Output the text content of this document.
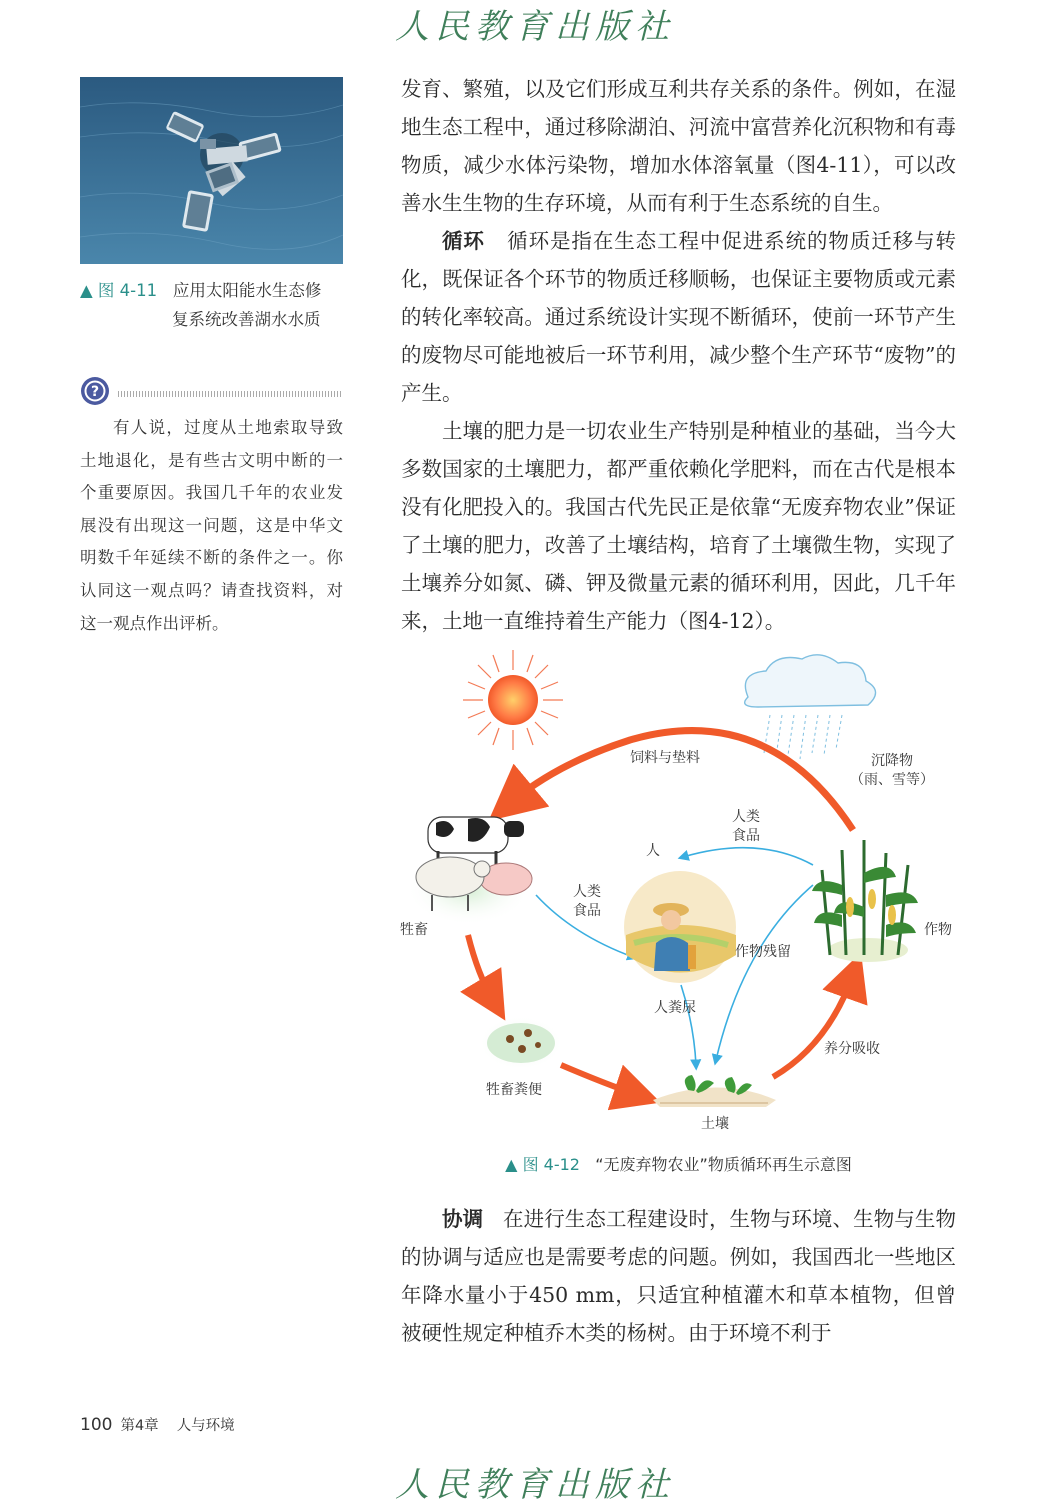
人民教育出版社
▲ 图 4-11 应用太阳能水生态修
复系统改善湖水水质
?
有人说，过度从土地索取导致土地退化，是有些古文明中断的一个重要原因。我国几千年的农业发展没有出现这一问题，这是中华文明数千年延续不断的条件之一。你认同这一观点吗？请查找资料，对这一观点作出评析。

发育、繁殖，以及它们形成互利共存关系的条件。例如，在湿地生态工程中，通过移除湖泊、河流中富营养化沉积物和有毒物质，减少水体污染物，增加水体溶氧量（图4-11），可以改善水生生物的生存环境，从而有利于生态系统的自生。

循环 循环是指在生态工程中促进系统的物质迁移与转化，既保证各个环节的物质迁移顺畅，也保证主要物质或元素的转化率较高。通过系统设计实现不断循环，使前一环节产生的废物尽可能地被后一环节利用，减少整个生产环节“废物”的产生。

土壤的肥力是一切农业生产特别是种植业的基础，当今大多数国家的土壤肥力，都严重依赖化学肥料，而在古代是根本没有化肥投入的。我国古代先民正是依靠“无废弃物农业”保证了土壤的肥力，改善了土壤结构，培育了土壤微生物，实现了土壤养分如氮、磷、钾及微量元素的循环利用，因此，几千年来，土地一直维持着生产能力（图4-12）。

饲料与垫料	沉降物
（雨、雪等）
人类
食品
人
人类
食品
牲畜	作物
作物残留
人粪尿
养分吸收
牲畜粪便
土壤
▲ 图 4-12 “无废弃物农业”物质循环再生示意图

协调 在进行生态工程建设时，生物与环境、生物与生物的协调与适应也是需要考虑的问题。例如，我国西北一些地区年降水量小于450 mm，只适宜种植灌木和草本植物，但曾被硬性规定种植乔木类的杨树。由于环境不利于

100 第4章 人与环境
人民教育出版社
